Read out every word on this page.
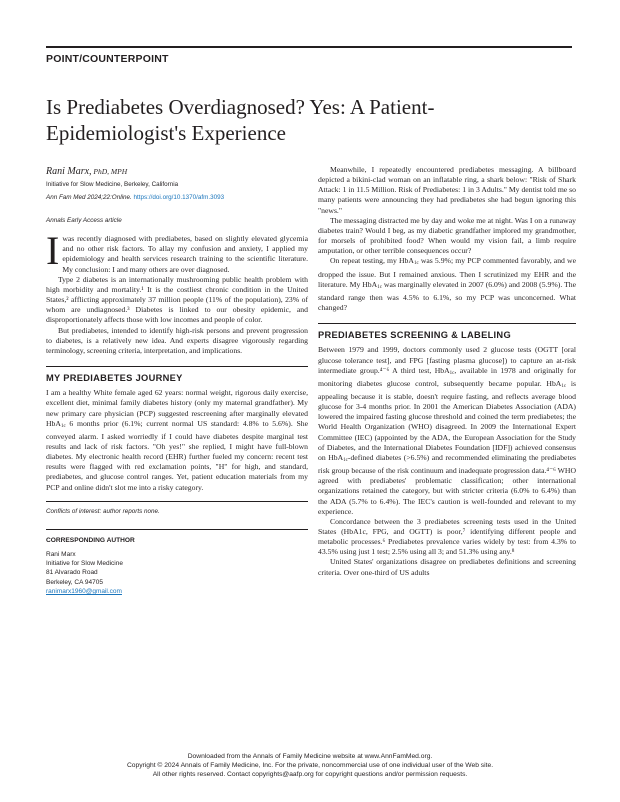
POINT/COUNTERPOINT
Is Prediabetes Overdiagnosed? Yes: A Patient-Epidemiologist's Experience

Rani Marx, PhD, MPH

Initiative for Slow Medicine, Berkeley, California

Ann Fam Med 2024;22:Online. https://doi.org/10.1370/afm.3093

Annals Early Access article

Iwas recently diagnosed with prediabetes, based on slightly elevated glycemia and no other risk factors. To allay my confusion and anxiety, I applied my epidemiology and health services research training to the scientific literature. My conclusion: I and many others are over diagnosed.

Type 2 diabetes is an internationally mushrooming public health problem with high morbidity and mortality.¹ It is the costliest chronic condition in the United States,² afflicting approximately 37 million people (11% of the population), 23% of whom are undiagnosed.³ Diabetes is linked to our obesity epidemic, and disproportionately affects those with low incomes and people of color.

But prediabetes, intended to identify high-risk persons and prevent progression to diabetes, is a relatively new idea. And experts disagree vigorously regarding terminology, screening criteria, interpretation, and implications.

MY PREDIABETES JOURNEY

I am a healthy White female aged 62 years: normal weight, rigorous daily exercise, excellent diet, minimal family diabetes history (only my maternal grandfather). My new primary care physician (PCP) suggested rescreening after marginally elevated HbA$_{1c}$ 6 months prior (6.1%; current normal US standard: 4.8% to 5.6%). She conveyed alarm. I asked worriedly if I could have diabetes despite marginal test results and lack of risk factors. "Oh yes!" she replied, I might have full-blown diabetes. My electronic health record (EHR) further fueled my concern: recent test results were flagged with red exclamation points, "H" for high, and standard, prediabetes, and glucose control ranges. Yet, patient education materials from my PCP and online didn't slot me into a risky category.

Conflicts of interest: author reports none.

CORRESPONDING AUTHOR
Rani Marx
Initiative for Slow Medicine
81 Alvarado Road
Berkeley, CA 94705
ranimarx1960@gmail.com

Meanwhile, I repeatedly encountered prediabetes messaging. A billboard depicted a bikini-clad woman on an inflatable ring, a shark below: "Risk of Shark Attack: 1 in 11.5 Million. Risk of Prediabetes: 1 in 3 Adults." My dentist told me so many patients were announcing they had prediabetes she had begun ignoring this "news."

The messaging distracted me by day and woke me at night. Was I on a runaway diabetes train? Would I beg, as my diabetic grandfather implored my grandmother, for morsels of prohibited food? When would my vision fail, a limb require amputation, or other terrible consequences occur?

On repeat testing, my HbA$_{1c}$ was 5.9%; my PCP commented favorably, and we dropped the issue. But I remained anxious. Then I scrutinized my EHR and the literature. My HbA$_{1c}$ was marginally elevated in 2007 (6.0%) and 2008 (5.9%). The standard range then was 4.5% to 6.1%, so my PCP was unconcerned. What changed?

PREDIABETES SCREENING & LABELING

Between 1979 and 1999, doctors commonly used 2 glucose tests (OGTT [oral glucose tolerance test], and FPG [fasting plasma glucose]) to capture an at-risk intermediate group.⁴⁻⁶ A third test, HbA$_{1c}$, available in 1978 and originally for monitoring diabetes glucose control, subsequently became popular. HbA$_{1c}$ is appealing because it is stable, doesn't require fasting, and reflects average blood glucose for 3-4 months prior. In 2001 the American Diabetes Association (ADA) lowered the impaired fasting glucose threshold and coined the term prediabetes; the World Health Organization (WHO) disagreed. In 2009 the International Expert Committee (IEC) (appointed by the ADA, the European Association for the Study of Diabetes, and the International Diabetes Foundation [IDF]) achieved consensus on HbA$_{1c}$-defined diabetes (>6.5%) and recommended eliminating the prediabetes risk group because of the risk continuum and inadequate progression data.⁴⁻⁶ WHO agreed with prediabetes' problematic classification; other international organizations retained the category, but with stricter criteria (6.0% to 6.4%) than the ADA (5.7% to 6.4%). The IEC's caution is well-founded and relevant to my experience.

Concordance between the 3 prediabetes screening tests used in the United States (HbA1c, FPG, and OGTT) is poor,⁷ identifying different people and metabolic processes.⁶ Prediabetes prevalence varies widely by test: from 4.3% to 43.5% using just 1 test; 2.5% using all 3; and 51.3% using any.⁸

United States' organizations disagree on prediabetes definitions and screening criteria. Over one-third of US adults

Downloaded from the Annals of Family Medicine website at www.AnnFamMed.org.
Copyright © 2024 Annals of Family Medicine, Inc. For the private, noncommercial use of one individual user of the Web site.
All other rights reserved. Contact copyrights@aafp.org for copyright questions and/or permission requests.
